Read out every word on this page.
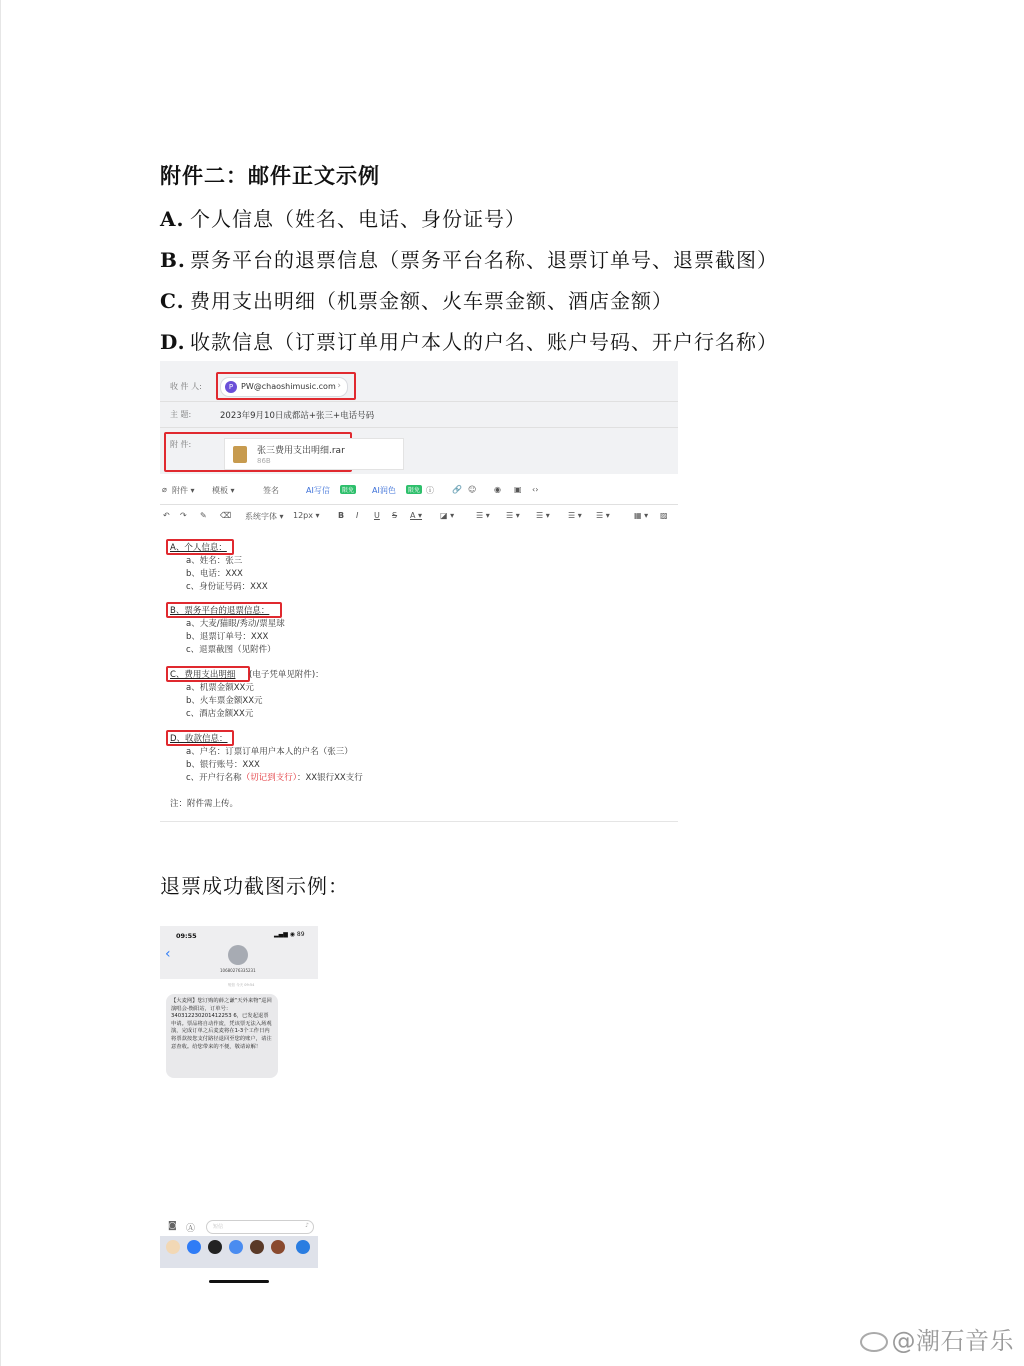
附件二：邮件正文示例
A. 个人信息（姓名、电话、身份证号）
B. 票务平台的退票信息（票务平台名称、退票订单号、退票截图）
C. 费用支出明细（机票金额、火车票金额、酒店金额）
D. 收款信息（订票订单用户本人的户名、账户号码、开户行名称）
收 件 人:	P PW@chaoshimusic.com ›
主 题:	2023年9月10日成都站+张三+电话号码
附 件:
张三费用支出明细.rar
86B
⌀ 附件 ▾ 模板 ▾	签名	AI写信	限免 AI润色	限免 ⓘ 🔗 ☺ ◉ ▣ ‹›
↶ ↷ ✎ ⌫ 系统字体 ▾ 12px ▾ B I U S A ▾ ◪ ▾	☰ ▾ ☰ ▾ ☰ ▾ ☰ ▾ ☰ ▾	▦ ▾ ▨
A、个人信息：
a、姓名：张三
b、电话：XXX
c、身份证号码：XXX
B、票务平台的退票信息：
a、大麦/猫眼/秀动/票星球
b、退票订单号：XXX
c、退票截图（见附件）
C、费用支出明细 (电子凭单见附件)：
a、机票金额XX元
b、火车票金额XX元
c、酒店金额XX元
D、收款信息：
a、户名：订票订单用户本人的户名（张三）
b、银行账号：XXX
c、开户行名称（切记到支行）：XX银行XX支行
注：附件需上传。
退票成功截图示例：
09:55	▂▄▆ ◉ 89
‹
10680276335231
短信 今天 09:54
【大麦网】您订购的薛之谦“天外来物”巡回演唱会-衡阳站，订单号：340312230201412253 6，已发起退票申请。票品将自动作废，凭该票无法入场观演，完成订单之后麦麦将在1-3个工作日内将票款按您支付路径退回至您的账户，请注意查收。给您带来的不便，敬请谅解！
◙ Ⓐ	短信	♪
@潮石音乐
